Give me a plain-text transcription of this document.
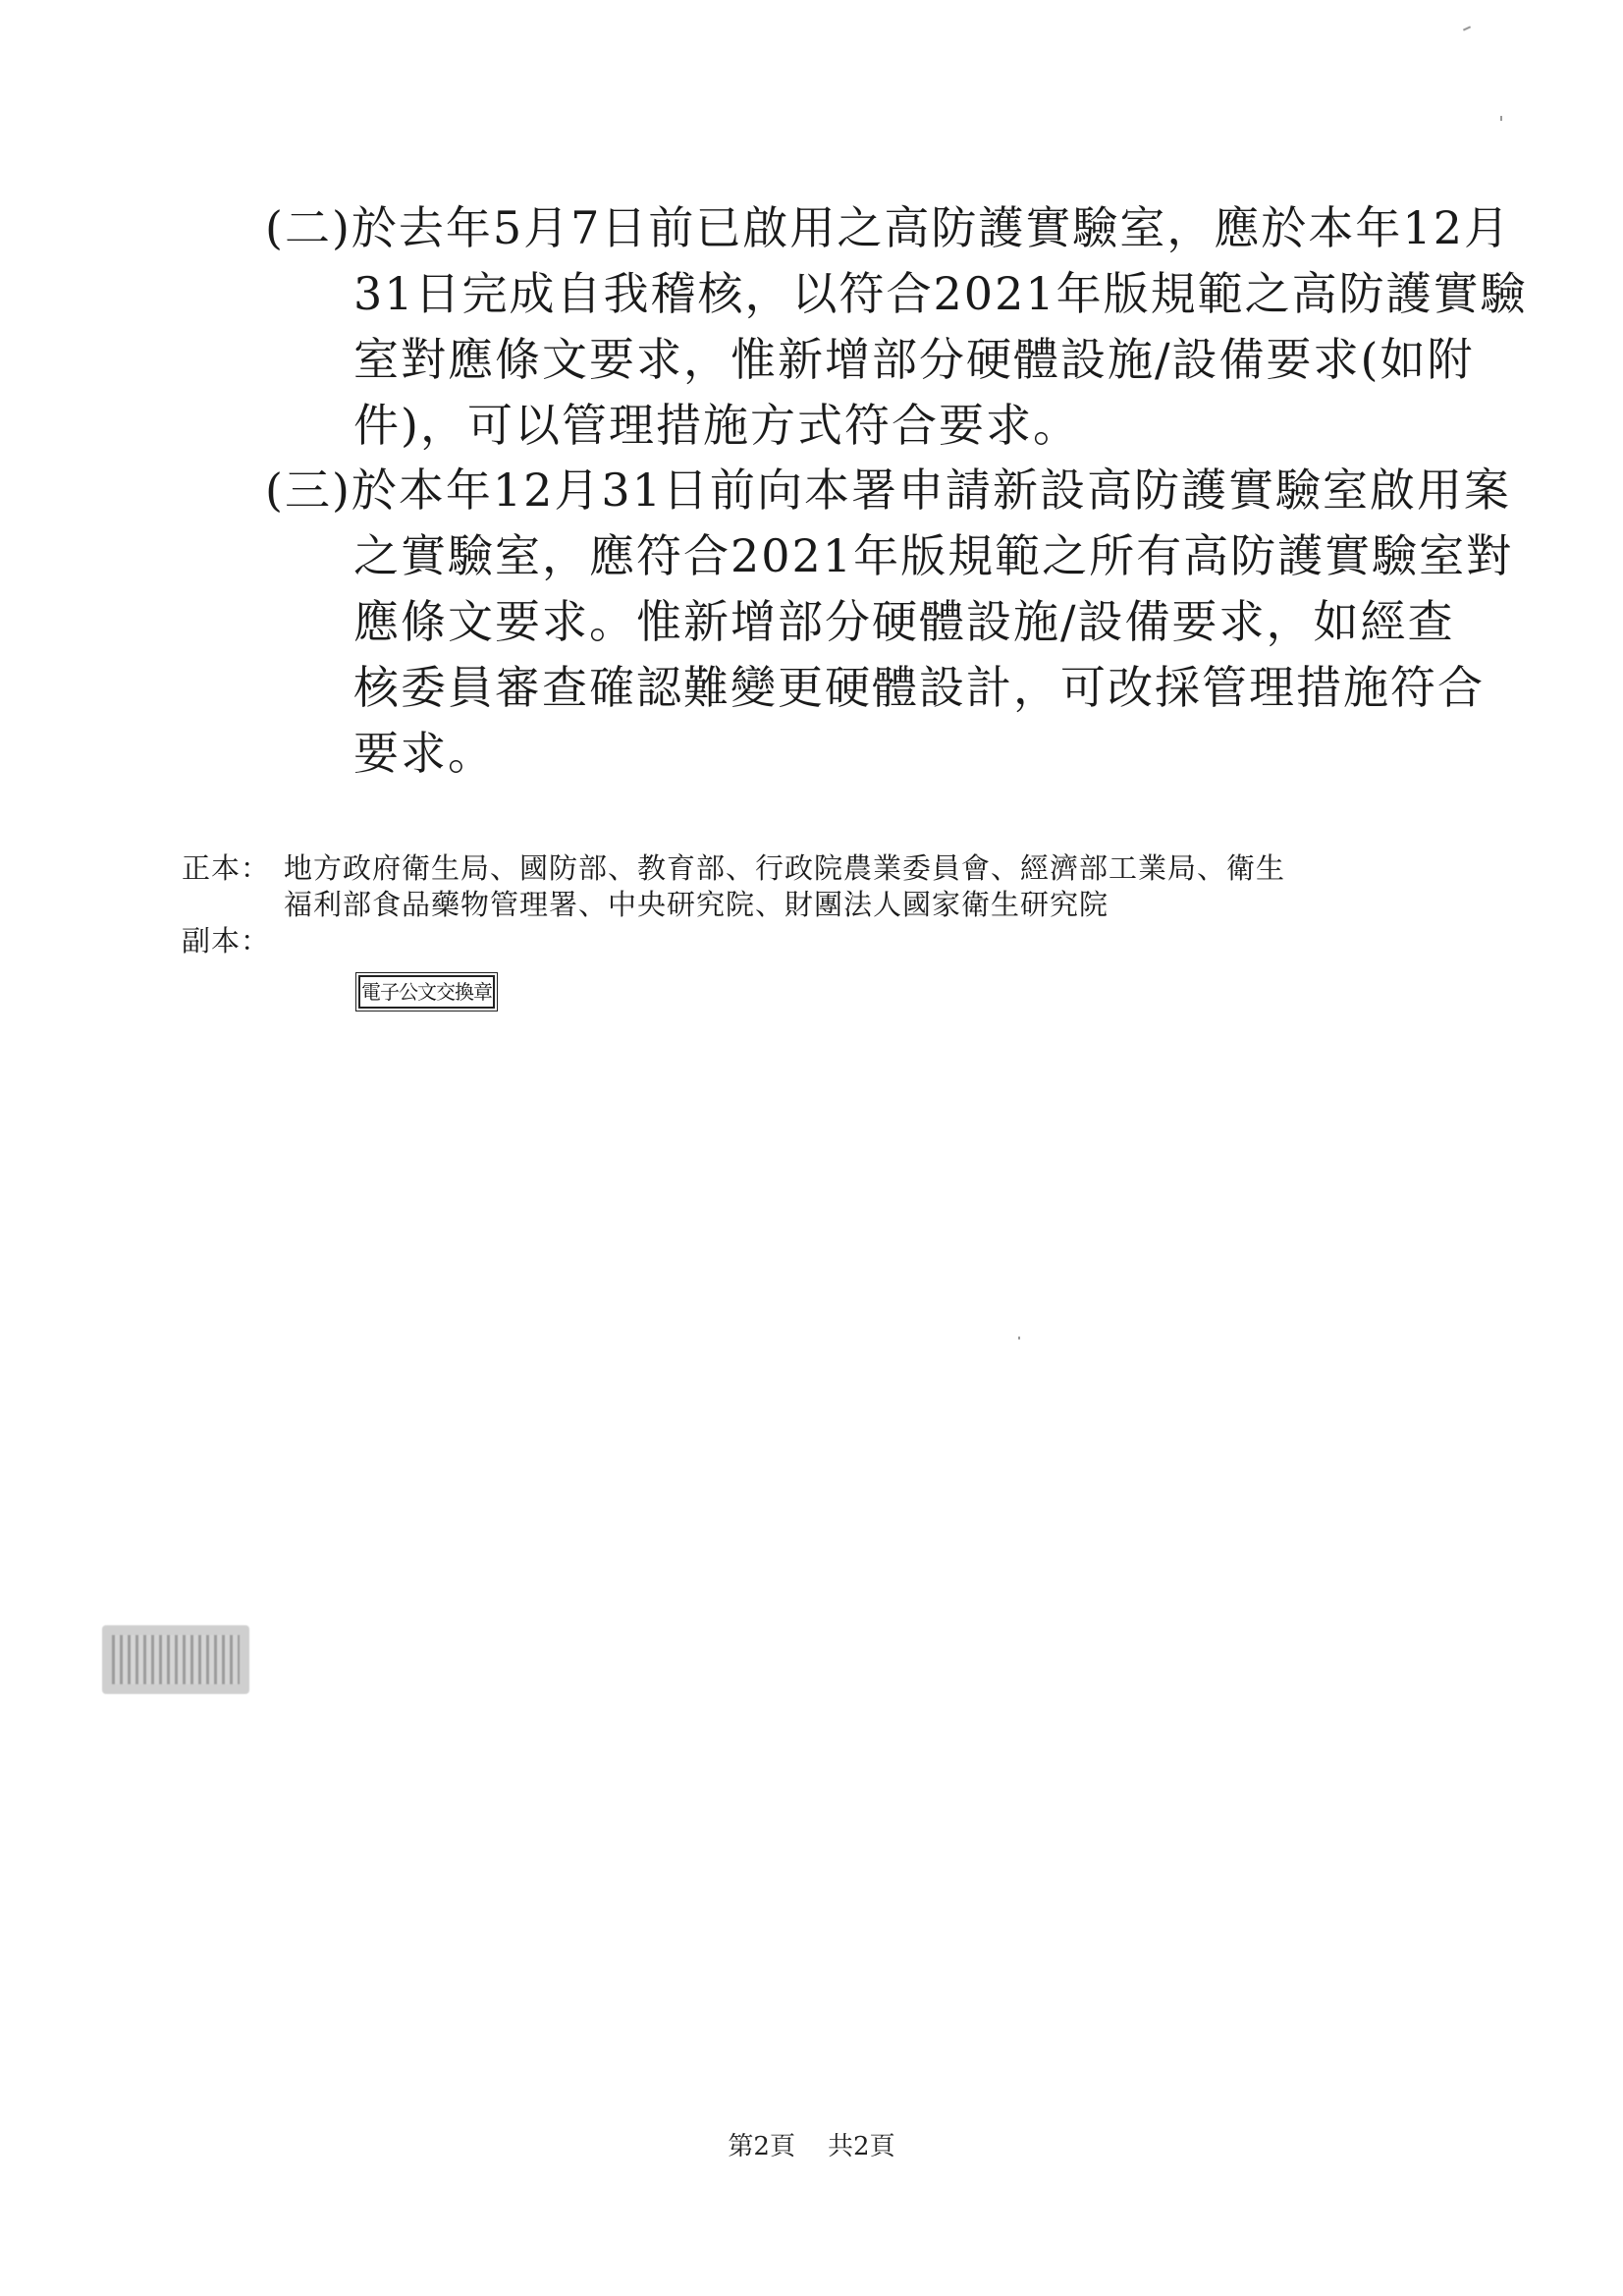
(二)於去年5月7日前已啟用之高防護實驗室，應於本年12月
31日完成自我稽核，以符合2021年版規範之高防護實驗
室對應條文要求，惟新增部分硬體設施/設備要求(如附
件)，可以管理措施方式符合要求。
(三)於本年12月31日前向本署申請新設高防護實驗室啟用案
之實驗室，應符合2021年版規範之所有高防護實驗室對
應條文要求。惟新增部分硬體設施/設備要求，如經查
核委員審查確認難變更硬體設計，可改採管理措施符合
要求。
正本： 地方政府衛生局、國防部、教育部、行政院農業委員會、經濟部工業局、衛生
福利部食品藥物管理署、中央研究院、財團法人國家衛生研究院
副本：
電子公文交換章
第2頁 共2頁
